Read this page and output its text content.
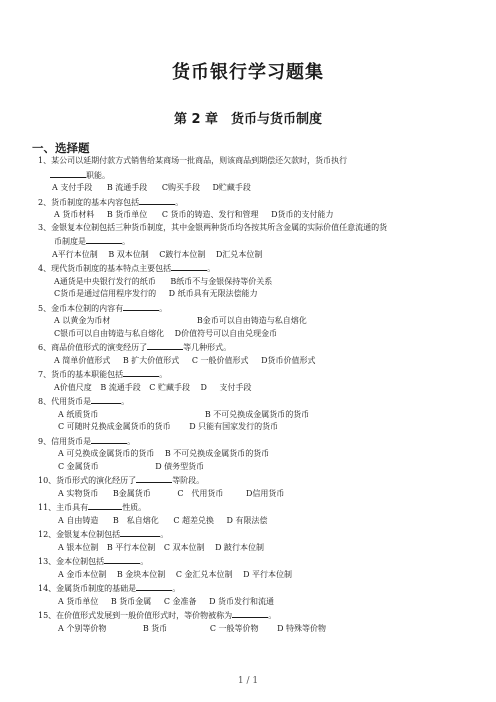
货币银行学习题集
第 2 章　货币与货币制度
一、选择题
1、某公司以延期付款方式销售给某商场一批商品，则该商品到期偿还欠款时，货币执行
职能。
A 支付手段 B 流通手段 C购买手段 D贮藏手段
2、货币制度的基本内容包括	。
A 货币材料 B 货币单位 C 货币的铸造、发行和管理 D货币的支付能力
3、金银复本位制包括三种货币制度，其中金银两种货币均各按其所含金属的实际价值任意流通的货
币制度是	。
A平行本位制 B 双本位制 C跛行本位制 D汇兑本位制
4、现代货币制度的基本特点主要包括	。
A通货是中央银行发行的纸币 B纸币不与金银保持等价关系
C货币是通过信用程序发行的 D 纸币具有无限法偿能力
5、金币本位制的内容有	。
A 以黄金为币材	B金币可以自由铸造与私自熔化
C银币可以自由铸造与私自熔化 D价值符号可以自由兑现金币
6、商品价值形式的演变经历了	等几种形式。
A 简单价值形式 B 扩大价值形式 C 一般价值形式 D货币价值形式
7、货币的基本职能包括	。
A价值尺度 B 流通手段 C 贮藏手段 D 支付手段
8、代用货币是	。
A 纸质货币	B 不可兑换成金属货币的货币
C 可随时兑换成金属货币的货币 D 只能有国家发行的货币
9、信用货币是	。
A 可兑换成金属货币的货币 B 不可兑换成金属货币的货币
C 金属货币	D 债务型货币
10、货币形式的演化经历了	等阶段。
A 实物货币 B金属货币	C　代用货币	D信用货币
11、主币具有	性质。
A 自由铸造 B　私自熔化 C 超差兑换 D 有限法偿
12、金银复本位制包括	。
A 银本位制 B 平行本位制 C 双本位制 D 跛行本位制
13、金本位制包括	。
A 金币本位制 B 金块本位制 C 金汇兑本位制 D 平行本位制
14、金属货币制度的基础是	。
A 货币单位 B 货币金属 C 金准备 D 货币发行和流通
15、在价值形式发展到一般价值形式时，等价物被称为	。
A 个别等价物	B 货币	C 一般等价物 D 特殊等价物
1 / 1
